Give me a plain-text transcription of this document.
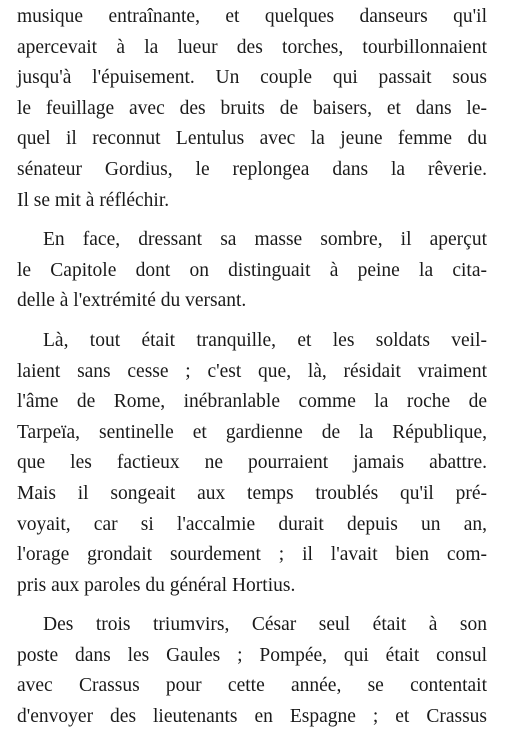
musique entraînante, et quelques danseurs qu'il
apercevait à la lueur des torches, tourbillonnaient
jusqu'à l'épuisement. Un couple qui passait sous
le feuillage avec des bruits de baisers, et dans le-
quel il reconnut Lentulus avec la jeune femme du
sénateur Gordius, le replongea dans la rêverie.
Il se mit à réfléchir.
En face, dressant sa masse sombre, il aperçut
le Capitole dont on distinguait à peine la cita-
delle à l'extrémité du versant.
Là, tout était tranquille, et les soldats veil-
laient sans cesse ; c'est que, là, résidait vraiment
l'âme de Rome, inébranlable comme la roche de
Tarpeïa, sentinelle et gardienne de la République,
que les factieux ne pourraient jamais abattre.
Mais il songeait aux temps troublés qu'il pré-
voyait, car si l'accalmie durait depuis un an,
l'orage grondait sourdement ; il l'avait bien com-
pris aux paroles du général Hortius.
Des trois triumvirs, César seul était à son
poste dans les Gaules ; Pompée, qui était consul
avec Crassus pour cette année, se contentait
d'envoyer des lieutenants en Espagne ; et Crassus
